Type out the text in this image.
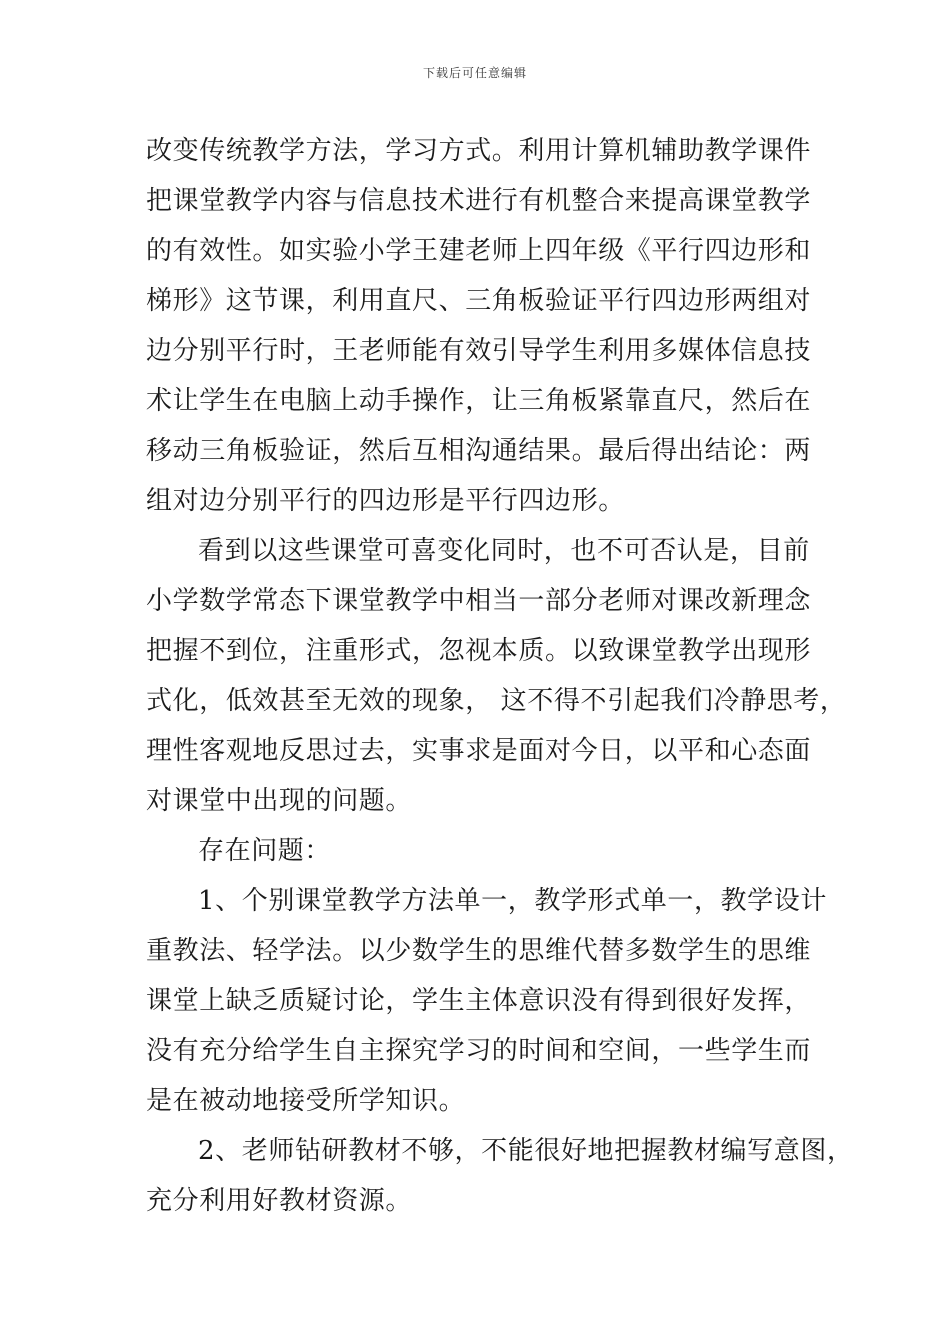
下载后可任意编辑
改变传统教学方法，学习方式。利用计算机辅助教学课件
把课堂教学内容与信息技术进行有机整合来提高课堂教学
的有效性。如实验小学王建老师上四年级《平行四边形和
梯形》这节课，利用直尺、三角板验证平行四边形两组对
边分别平行时，王老师能有效引导学生利用多媒体信息技
术让学生在电脑上动手操作，让三角板紧靠直尺，然后在
移动三角板验证，然后互相沟通结果。最后得出结论：两
组对边分别平行的四边形是平行四边形。
看到以这些课堂可喜变化同时，也不可否认是，目前
小学数学常态下课堂教学中相当一部分老师对课改新理念
把握不到位，注重形式，忽视本质。以致课堂教学出现形
式化，低效甚至无效的现象， 这不得不引起我们冷静思考，
理性客观地反思过去，实事求是面对今日，以平和心态面
对课堂中出现的问题。
存在问题：
1、个别课堂教学方法单一，教学形式单一，教学设计
重教法、轻学法。以少数学生的思维代替多数学生的思维
课堂上缺乏质疑讨论，学生主体意识没有得到很好发挥，
没有充分给学生自主探究学习的时间和空间，一些学生而
是在被动地接受所学知识。
2、老师钻研教材不够，不能很好地把握教材编写意图，
充分利用好教材资源。
